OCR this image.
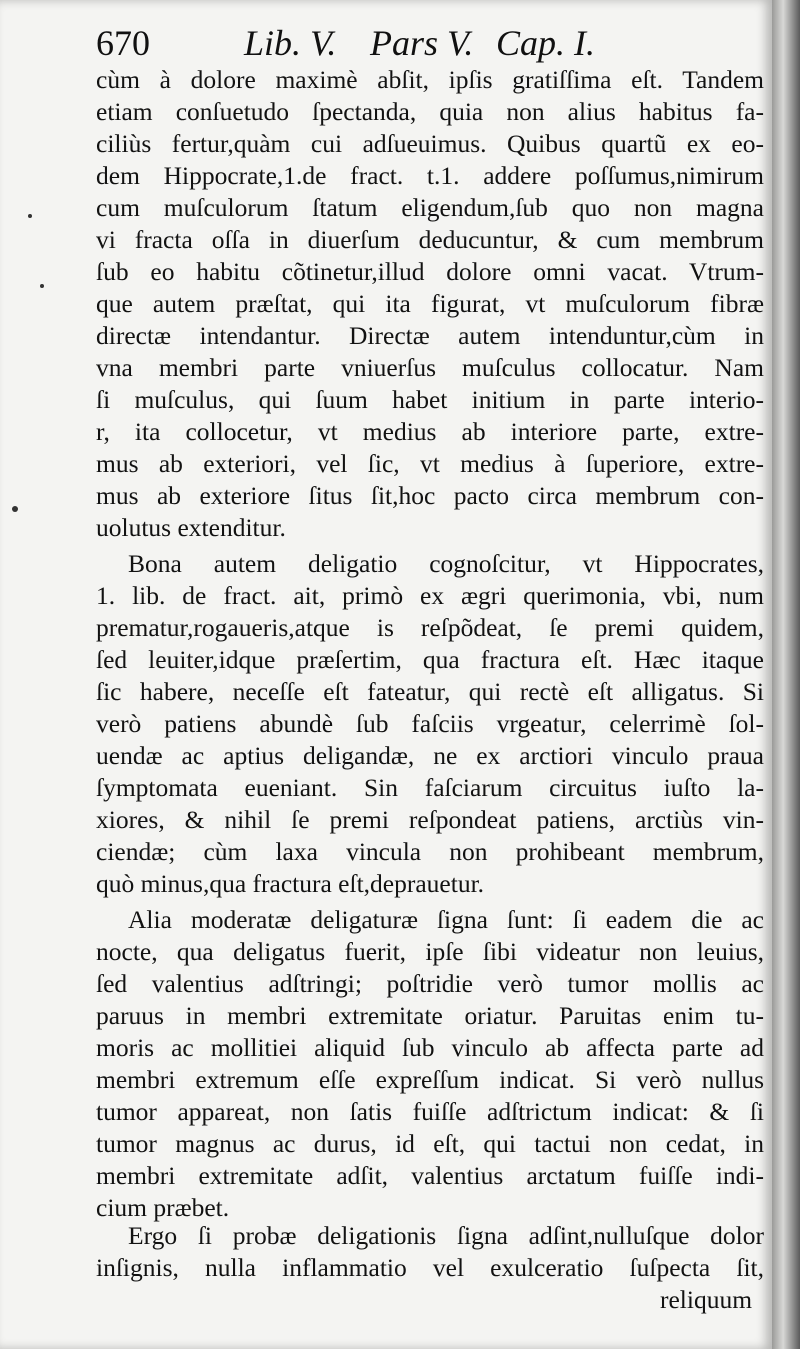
670	Lib. V. Pars V. Cap. I.
cùm à dolore maximè abſit, ipſis gratiſſima eſt. Tandem
etiam conſuetudo ſpectanda, quia non alius habitus fa-
ciliùs fertur,quàm cui adſueuimus. Quibus quartũ ex eo-
dem Hippocrate,1.de fract. t.1. addere poſſumus,nimirum
cum muſculorum ſtatum eligendum,ſub quo non magna
vi fracta oſſa in diuerſum deducuntur, & cum membrum
ſub eo habitu cõtinetur,illud dolore omni vacat. Vtrum-
que autem præſtat, qui ita figurat, vt muſculorum fibræ
directæ intendantur. Directæ autem intenduntur,cùm in
vna membri parte vniuerſus muſculus collocatur. Nam
ſi muſculus, qui ſuum habet initium in parte interio-
r, ita collocetur, vt medius ab interiore parte, extre-
mus ab exteriori, vel ſic, vt medius à ſuperiore, extre-
mus ab exteriore ſitus ſit,hoc pacto circa membrum con-
uolutus extenditur.
Bona autem deligatio cognoſcitur, vt Hippocrates,
1. lib. de fract. ait, primò ex ægri querimonia, vbi, num
prematur,rogaueris,atque is reſpõdeat, ſe premi quidem,
ſed leuiter,idque præſertim, qua fractura eſt. Hæc itaque
ſic habere, neceſſe eſt fateatur, qui rectè eſt alligatus. Si
verò patiens abundè ſub faſciis vrgeatur, celerrimè ſol-
uendæ ac aptius deligandæ, ne ex arctiori vinculo praua
ſymptomata eueniant. Sin faſciarum circuitus iuſto la-
xiores, & nihil ſe premi reſpondeat patiens, arctiùs vin-
ciendæ; cùm laxa vincula non prohibeant membrum,
quò minus,qua fractura eſt,deprauetur.
Alia moderatæ deligaturæ ſigna ſunt: ſi eadem die ac
nocte, qua deligatus fuerit, ipſe ſibi videatur non leuius,
ſed valentius adſtringi; poſtridie verò tumor mollis ac
paruus in membri extremitate oriatur. Paruitas enim tu-
moris ac mollitiei aliquid ſub vinculo ab affecta parte ad
membri extremum eſſe expreſſum indicat. Si verò nullus
tumor appareat, non ſatis fuiſſe adſtrictum indicat: & ſi
tumor magnus ac durus, id eſt, qui tactui non cedat, in
membri extremitate adſit, valentius arctatum fuiſſe indi-
cium præbet.
Ergo ſi probæ deligationis ſigna adſint,nulluſque dolor
inſignis, nulla inflammatio vel exulceratio ſuſpecta ſit,
reliquum
